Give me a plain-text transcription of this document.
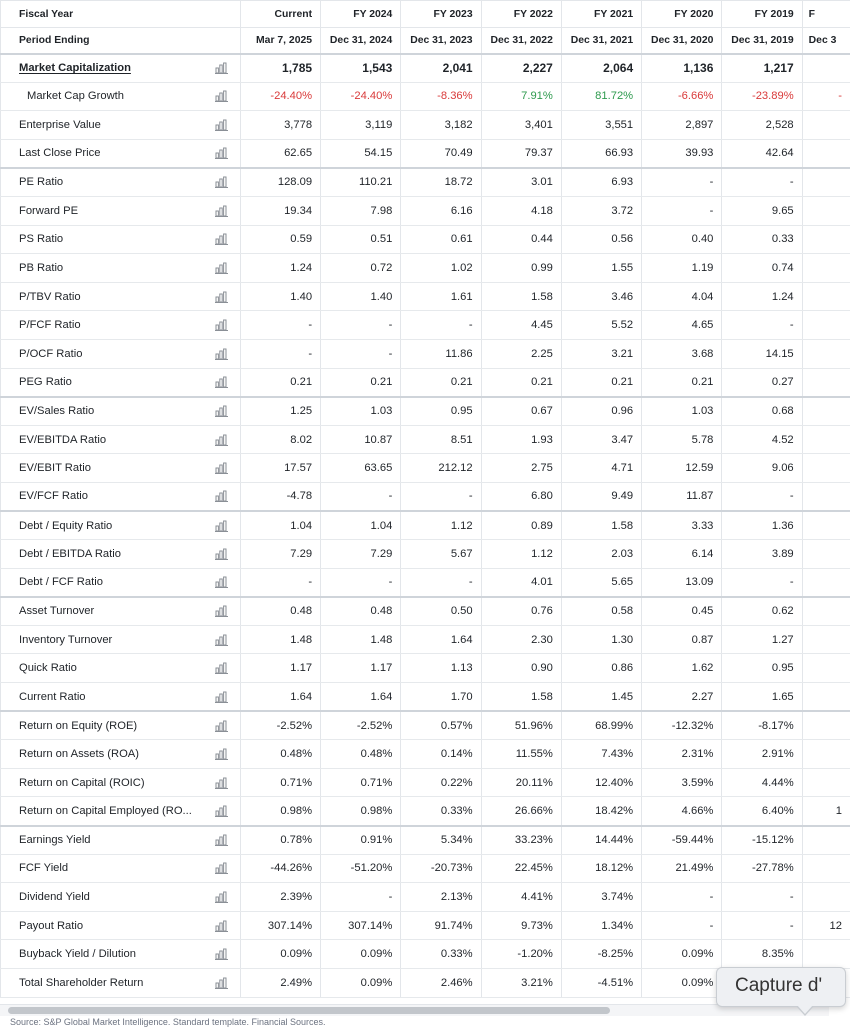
Fiscal Year		Current	FY 2024	FY 2023	FY 2022	FY 2021	FY 2020	FY 2019	F
Period Ending		Mar 7, 2025	Dec 31, 2024	Dec 31, 2023	Dec 31, 2022	Dec 31, 2021	Dec 31, 2020	Dec 31, 2019	Dec 3
Market Capitalization		1,785	1,543	2,041	2,227	2,064	1,136	1,217	
Market Cap Growth		-24.40%	-24.40%	-8.36%	7.91%	81.72%	-6.66%	-23.89%	-
Enterprise Value		3,778	3,119	3,182	3,401	3,551	2,897	2,528	
Last Close Price		62.65	54.15	70.49	79.37	66.93	39.93	42.64	
PE Ratio		128.09	110.21	18.72	3.01	6.93	-	-	
Forward PE		19.34	7.98	6.16	4.18	3.72	-	9.65	
PS Ratio		0.59	0.51	0.61	0.44	0.56	0.40	0.33	
PB Ratio		1.24	0.72	1.02	0.99	1.55	1.19	0.74	
P/TBV Ratio		1.40	1.40	1.61	1.58	3.46	4.04	1.24	
P/FCF Ratio		-	-	-	4.45	5.52	4.65	-	
P/OCF Ratio		-	-	11.86	2.25	3.21	3.68	14.15	
PEG Ratio		0.21	0.21	0.21	0.21	0.21	0.21	0.27	
EV/Sales Ratio		1.25	1.03	0.95	0.67	0.96	1.03	0.68	
EV/EBITDA Ratio		8.02	10.87	8.51	1.93	3.47	5.78	4.52	
EV/EBIT Ratio		17.57	63.65	212.12	2.75	4.71	12.59	9.06	
EV/FCF Ratio		-4.78	-	-	6.80	9.49	11.87	-	
Debt / Equity Ratio		1.04	1.04	1.12	0.89	1.58	3.33	1.36	
Debt / EBITDA Ratio		7.29	7.29	5.67	1.12	2.03	6.14	3.89	
Debt / FCF Ratio		-	-	-	4.01	5.65	13.09	-	
Asset Turnover		0.48	0.48	0.50	0.76	0.58	0.45	0.62	
Inventory Turnover		1.48	1.48	1.64	2.30	1.30	0.87	1.27	
Quick Ratio		1.17	1.17	1.13	0.90	0.86	1.62	0.95	
Current Ratio		1.64	1.64	1.70	1.58	1.45	2.27	1.65	
Return on Equity (ROE)		-2.52%	-2.52%	0.57%	51.96%	68.99%	-12.32%	-8.17%	
Return on Assets (ROA)		0.48%	0.48%	0.14%	11.55%	7.43%	2.31%	2.91%	
Return on Capital (ROIC)		0.71%	0.71%	0.22%	20.11%	12.40%	3.59%	4.44%	
Return on Capital Employed (RO...		0.98%	0.98%	0.33%	26.66%	18.42%	4.66%	6.40%	1
Earnings Yield		0.78%	0.91%	5.34%	33.23%	14.44%	-59.44%	-15.12%	
FCF Yield		-44.26%	-51.20%	-20.73%	22.45%	18.12%	21.49%	-27.78%	
Dividend Yield		2.39%	-	2.13%	4.41%	3.74%	-	-	
Payout Ratio		307.14%	307.14%	91.74%	9.73%	1.34%	-	-	12
Buyback Yield / Dilution		0.09%	0.09%	0.33%	-1.20%	-8.25%	0.09%	8.35%	
Total Shareholder Return		2.49%	0.09%	2.46%	3.21%	-4.51%	0.09%		
Source: S&P Global Market Intelligence. Standard template. Financial Sources.
Capture d'
